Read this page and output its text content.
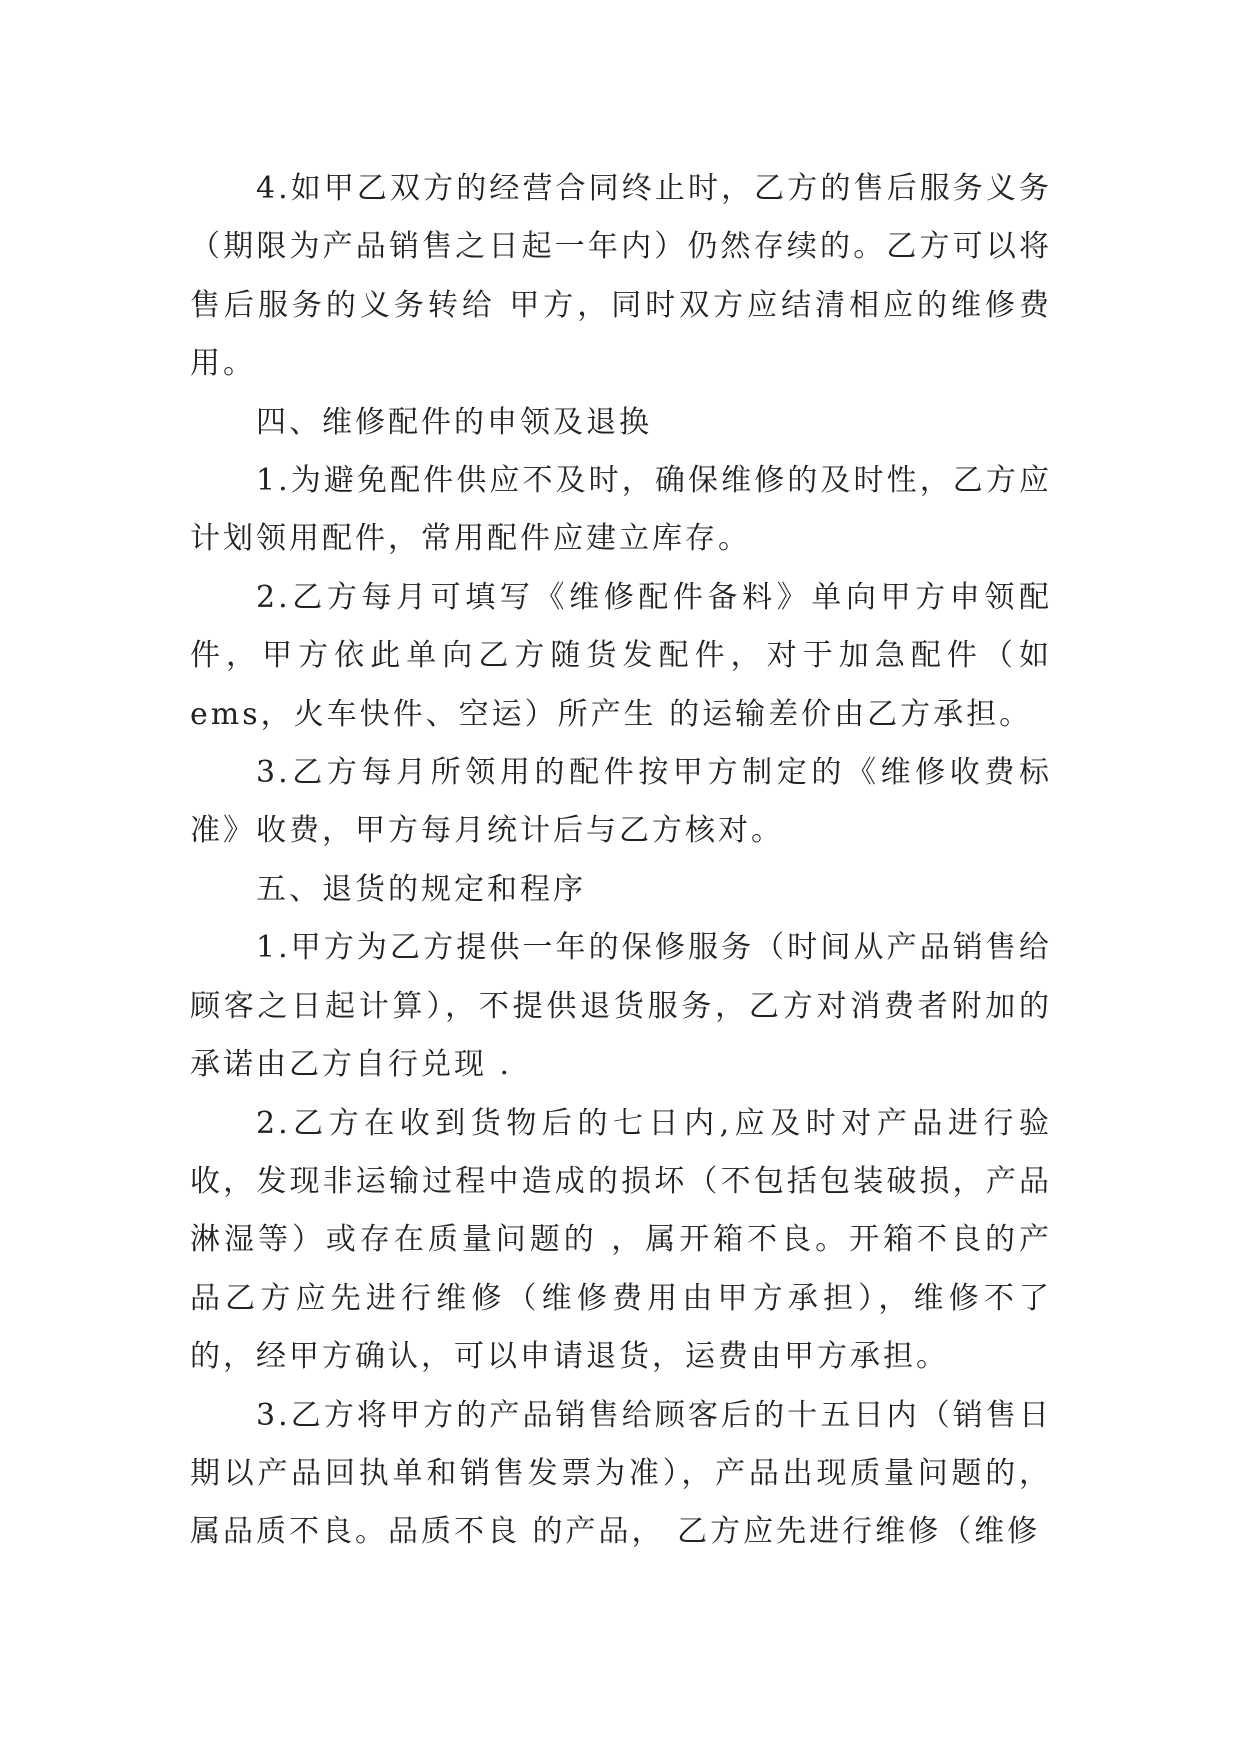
4.如甲乙双方的经营合同终止时，乙方的售后服务义务（期限为产品销售之日起一年内）仍然存续的。乙方可以将售后服务的义务转给 甲方，同时双方应结清相应的维修费用。

四、维修配件的申领及退换

1.为避免配件供应不及时，确保维修的及时性，乙方应计划领用配件，常用配件应建立库存。

2.乙方每月可填写《维修配件备料》单向甲方申领配件，甲方依此单向乙方随货发配件，对于加急配件（如 ems，火车快件、空运）所产生 的运输差价由乙方承担。

3.乙方每月所领用的配件按甲方制定的《维修收费标准》收费，甲方每月统计后与乙方核对。

五、退货的规定和程序

1.甲方为乙方提供一年的保修服务（时间从产品销售给顾客之日起计算），不提供退货服务，乙方对消费者附加的承诺由乙方自行兑现 .

2.乙方在收到货物后的七日内,应及时对产品进行验收，发现非运输过程中造成的损坏（不包括包装破损，产品淋湿等）或存在质量问题的 ，属开箱不良。开箱不良的产品乙方应先进行维修（维修费用由甲方承担），维修不了的，经甲方确认，可以申请退货，运费由甲方承担。

3.乙方将甲方的产品销售给顾客后的十五日内（销售日期以产品回执单和销售发票为准），产品出现质量问题的，属品质不良。品质不良 的产品， 乙方应先进行维修（维修
